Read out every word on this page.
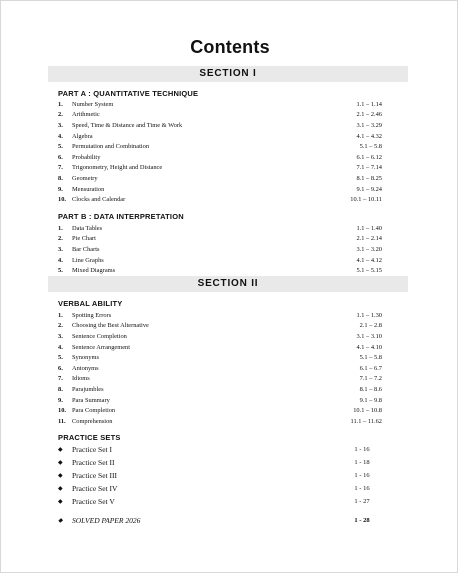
Contents
SECTION I
PART A : QUANTITATIVE TECHNIQUE
1.	Number System	1.1 – 1.14
2.	Arithmetic	2.1 – 2.46
3.	Speed, Time & Distance and Time & Work	3.1 – 3.29
4.	Algebra	4.1 – 4.32
5.	Permutation and Combination	5.1 – 5.8
6.	Probability	6.1 – 6.12
7.	Trigonometry, Height and Distance	7.1 – 7.14
8.	Geometry	8.1 – 8.25
9.	Mensuration	9.1 – 9.24
10. Clocks and Calendar	10.1 – 10.11
PART B : DATA INTERPRETATION
1.	Data Tables	1.1 – 1.40
2.	Pie Chart	2.1 – 2.14
3.	Bar Charts	3.1 – 3.20
4.	Line Graphs	4.1 – 4.12
5.	Mixed Diagrams	5.1 – 5.15
SECTION II
VERBAL ABILITY
1.	Spotting Errors	1.1 – 1.30
2.	Choosing the Best Alternative	2.1 – 2.8
3.	Sentence Completion	3.1 – 3.10
4.	Sentence Arrangement	4.1 – 4.10
5.	Synonyms	5.1 – 5.8
6.	Antonyms	6.1 – 6.7
7.	Idioms	7.1 – 7.2
8.	Parajumbles	8.1 – 8.6
9.	Para Summary	9.1 – 9.8
10. Para Completion	10.1 – 10.8
11. Comprehension	11.1 – 11.62
PRACTICE SETS
◆	Practice Set I	1 - 16
◆	Practice Set II	1 - 18
◆	Practice Set III	1 - 16
◆	Practice Set IV	1 - 16
◆	Practice Set V	1 - 27
◆	SOLVED PAPER 2026	1 - 28
